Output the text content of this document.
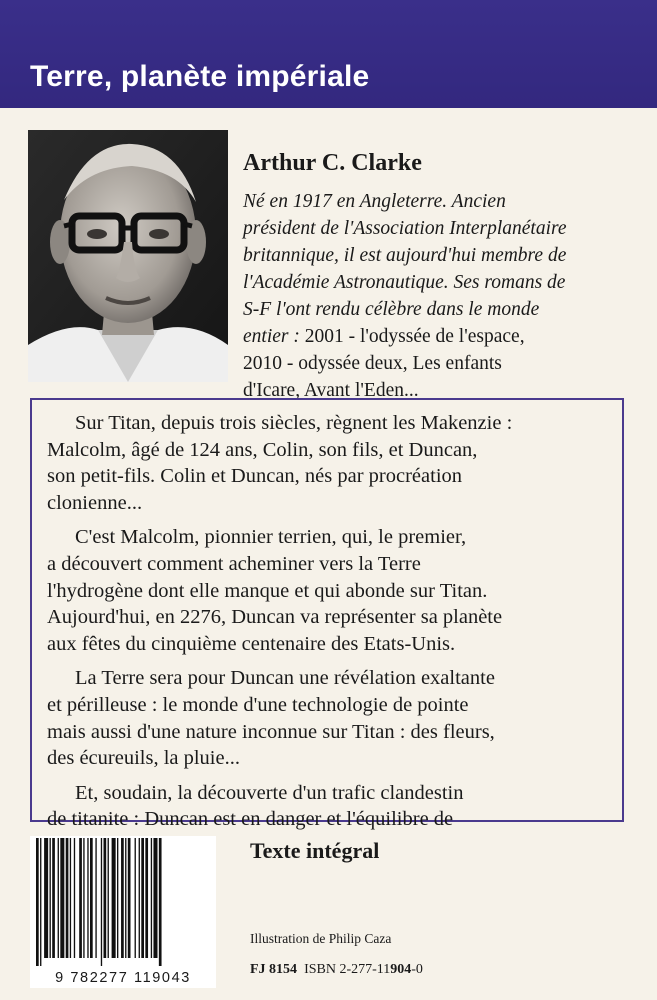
Terre, planète impériale
Arthur C. Clarke
Né en 1917 en Angleterre. Ancien
président de l'Association Interplanétaire
britannique, il est aujourd'hui membre de
l'Académie Astronautique. Ses romans de
S-F l'ont rendu célèbre dans le monde
entier : 2001 - l'odyssée de l'espace,
2010 - odyssée deux, Les enfants
d'Icare, Avant l'Eden...
Sur Titan, depuis trois siècles, règnent les Makenzie :
Malcolm, âgé de 124 ans, Colin, son fils, et Duncan,
son petit-fils. Colin et Duncan, nés par procréation
clonienne...
C'est Malcolm, pionnier terrien, qui, le premier,
a découvert comment acheminer vers la Terre
l'hydrogène dont elle manque et qui abonde sur Titan.
Aujourd'hui, en 2276, Duncan va représenter sa planète
aux fêtes du cinquième centenaire des Etats-Unis.
La Terre sera pour Duncan une révélation exaltante
et périlleuse : le monde d'une technologie de pointe
mais aussi d'une nature inconnue sur Titan : des fleurs,
des écureuils, la pluie...
Et, soudain, la découverte d'un trafic clandestin
de titanite : Duncan est en danger et l'équilibre de
9 782277 119043
Texte intégral
Illustration de Philip Caza
FJ 8154 ISBN 2-277-11904-0
